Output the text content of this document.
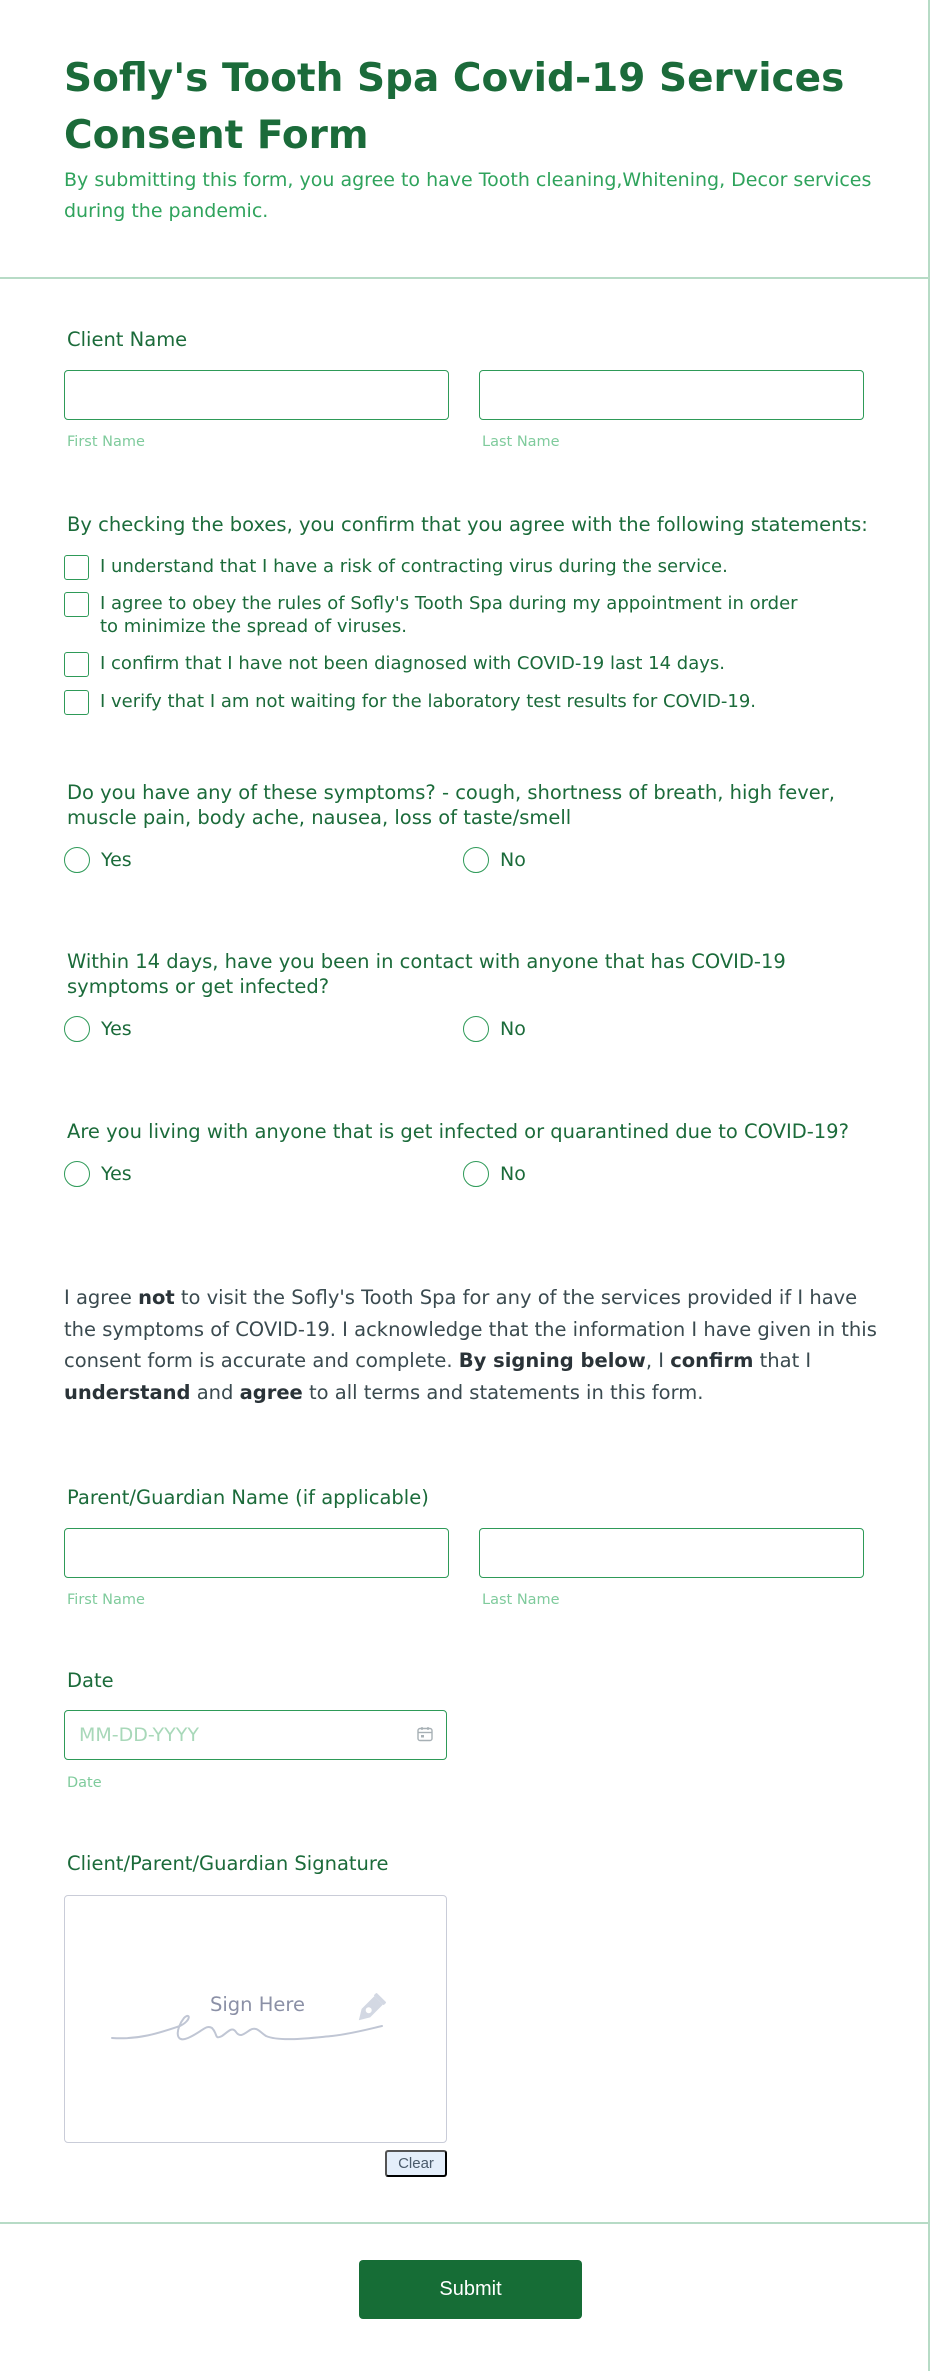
Sofly's Tooth Spa Covid-19 Services Consent Form
By submitting this form, you agree to have Tooth cleaning,Whitening, Decor services during the pandemic.
Client Name
First Name	Last Name
By checking the boxes, you confirm that you agree with the following statements:
I understand that I have a risk of contracting virus during the service.
I agree to obey the rules of Sofly's Tooth Spa during my appointment in order to minimize the spread of viruses.
I confirm that I have not been diagnosed with COVID-19 last 14 days.
I verify that I am not waiting for the laboratory test results for COVID-19.
Do you have any of these symptoms? - cough, shortness of breath, high fever, muscle pain, body ache, nausea, loss of taste/smell
Yes	No
Within 14 days, have you been in contact with anyone that has COVID-19 symptoms or get infected?
Yes	No
Are you living with anyone that is get infected or quarantined due to COVID-19?
Yes	No
I agree not to visit the Sofly's Tooth Spa for any of the services provided if I have the symptoms of COVID-19. I acknowledge that the information I have given in this consent form is accurate and complete. By signing below, I confirm that I understand and agree to all terms and statements in this form.
Parent/Guardian Name (if applicable)
First Name	Last Name
Date
MM-DD-YYYY
Date
Client/Parent/Guardian Signature
Sign Here
Clear
Submit
